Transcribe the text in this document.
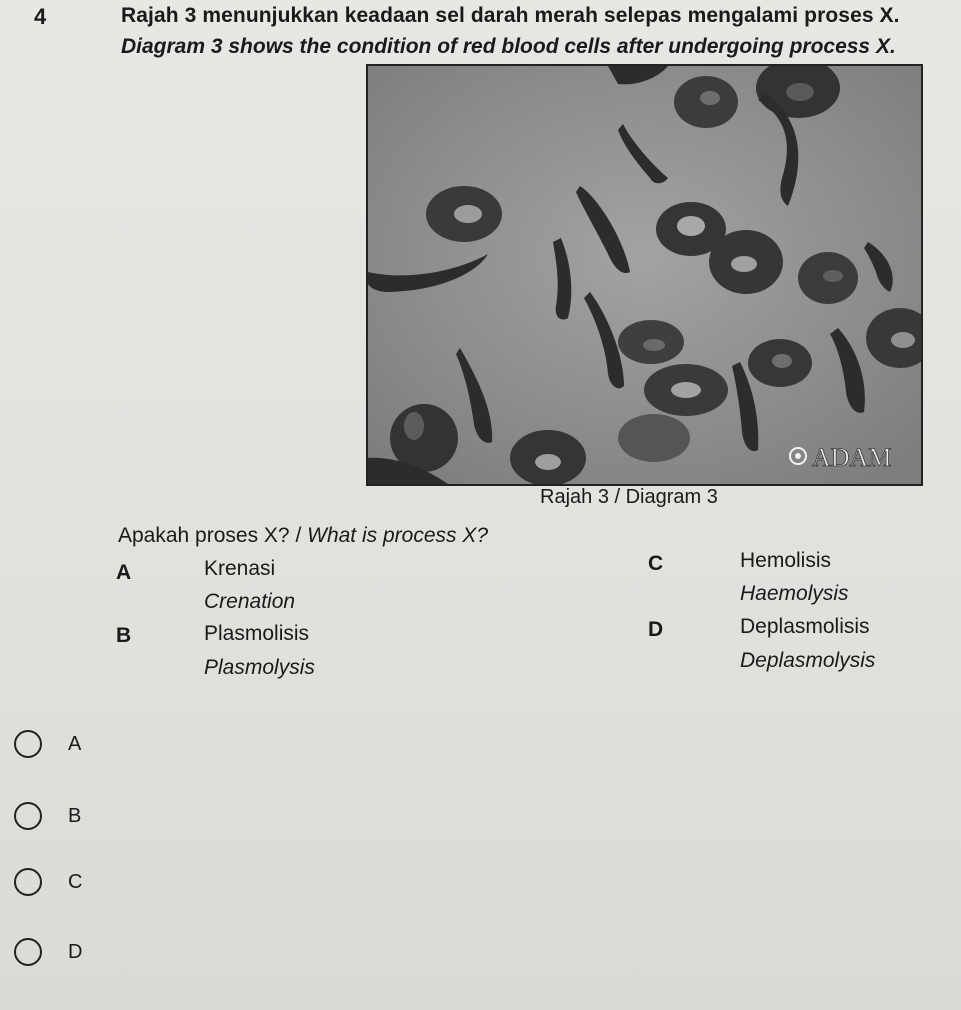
4	Rajah 3 menunjukkan keadaan sel darah merah selepas mengalami proses X.
Diagram 3 shows the condition of red blood cells after undergoing process X.
ADAM
Rajah 3 / Diagram 3
Apakah proses X? / What is process X?
A	Krenasi
Crenation
B	Plasmolisis
Plasmolysis
C	Hemolisis
Haemolysis
D	Deplasmolisis
Deplasmolysis
A
B
C
D
